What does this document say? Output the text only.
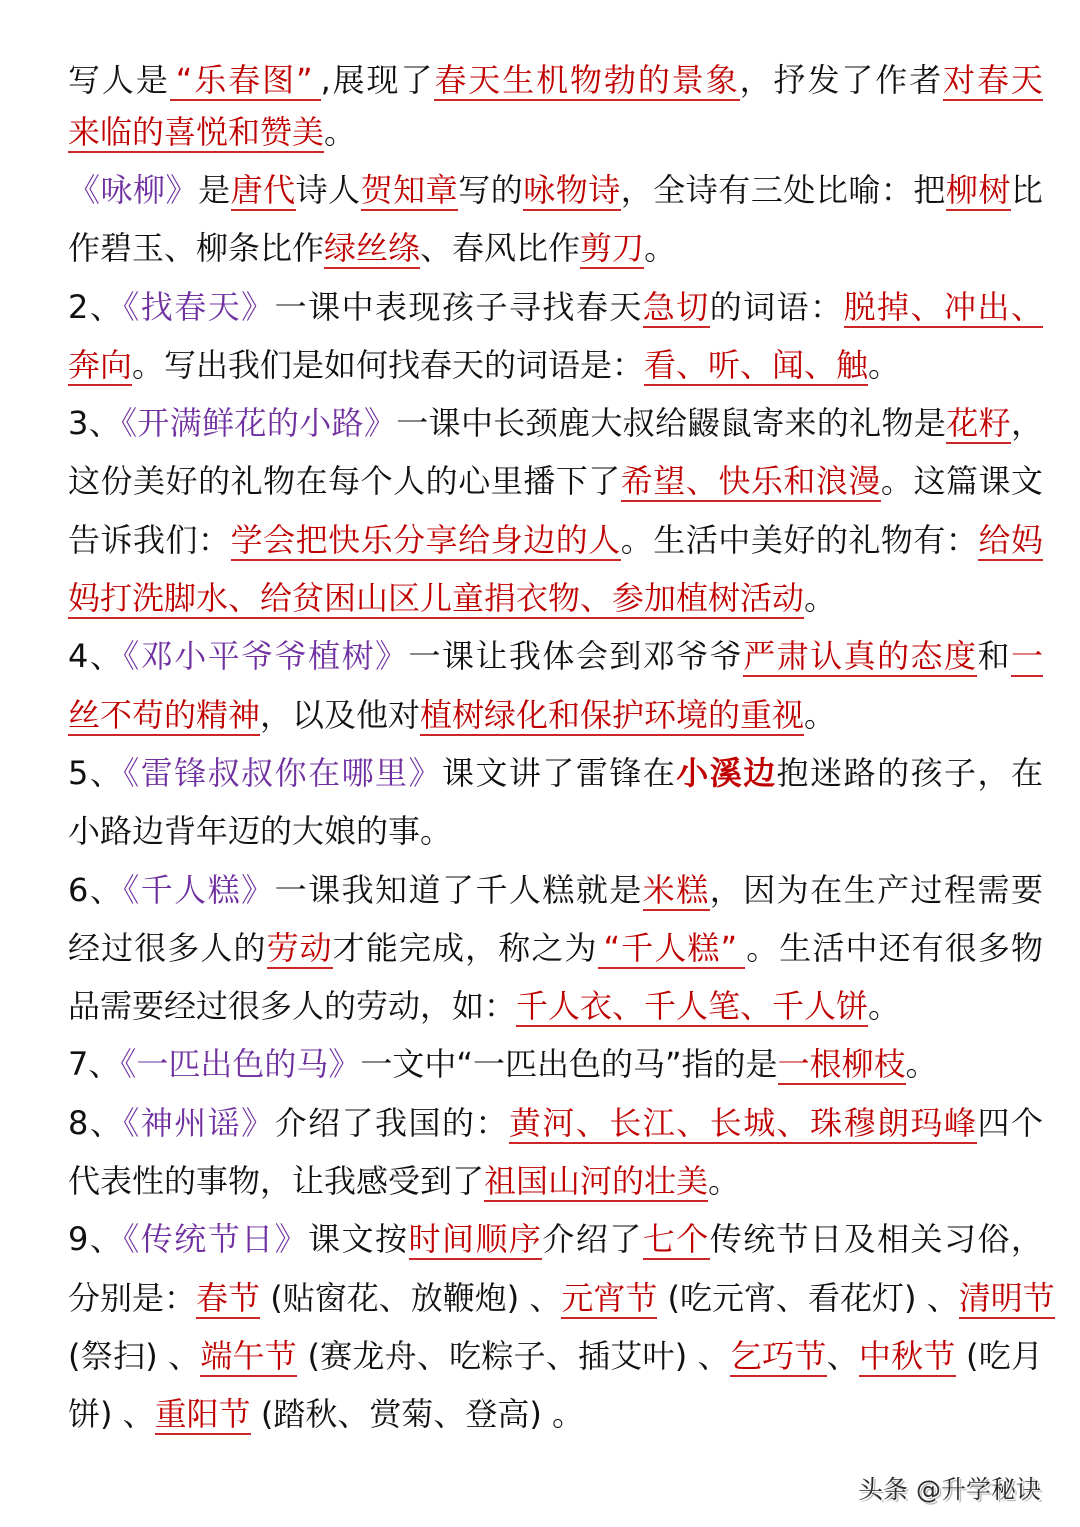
写人是 “乐春图” ,展现了春天生机物勃的景象，抒发了作者对春天
来临的喜悦和赞美。
《咏柳》是唐代诗人贺知章写的咏物诗，全诗有三处比喻：把柳树比
作碧玉、柳条比作绿丝绦、春风比作剪刀。
2、《找春天》一课中表现孩子寻找春天急切的词语：脱掉、冲出、
奔向。写出我们是如何找春天的词语是：看、听、闻、触。
3、《开满鲜花的小路》一课中长颈鹿大叔给鼹鼠寄来的礼物是花籽，
这份美好的礼物在每个人的心里播下了希望、快乐和浪漫。这篇课文
告诉我们：学会把快乐分享给身边的人。生活中美好的礼物有：给妈
妈打洗脚水、给贫困山区儿童捐衣物、参加植树活动。
4、《邓小平爷爷植树》一课让我体会到邓爷爷严肃认真的态度和一
丝不苟的精神，以及他对植树绿化和保护环境的重视。
5、《雷锋叔叔你在哪里》课文讲了雷锋在小溪边抱迷路的孩子，在
小路边背年迈的大娘的事。
6、《千人糕》一课我知道了千人糕就是米糕，因为在生产过程需要
经过很多人的劳动才能完成，称之为 “千人糕” 。生活中还有很多物
品需要经过很多人的劳动，如：千人衣、千人笔、千人饼。
7、《一匹出色的马》一文中“一匹出色的马”指的是一根柳枝。
8、《神州谣》介绍了我国的：黄河、长江、长城、珠穆朗玛峰四个
代表性的事物，让我感受到了祖国山河的壮美。
9、《传统节日》课文按时间顺序介绍了七个传统节日及相关习俗，
分别是：春节 (贴窗花、放鞭炮) 、元宵节 (吃元宵、看花灯) 、清明节
(祭扫) 、端午节 (赛龙舟、吃粽子、插艾叶) 、乞巧节、中秋节 (吃月
饼) 、重阳节 (踏秋、赏菊、登高) 。
头条 @升学秘诀
